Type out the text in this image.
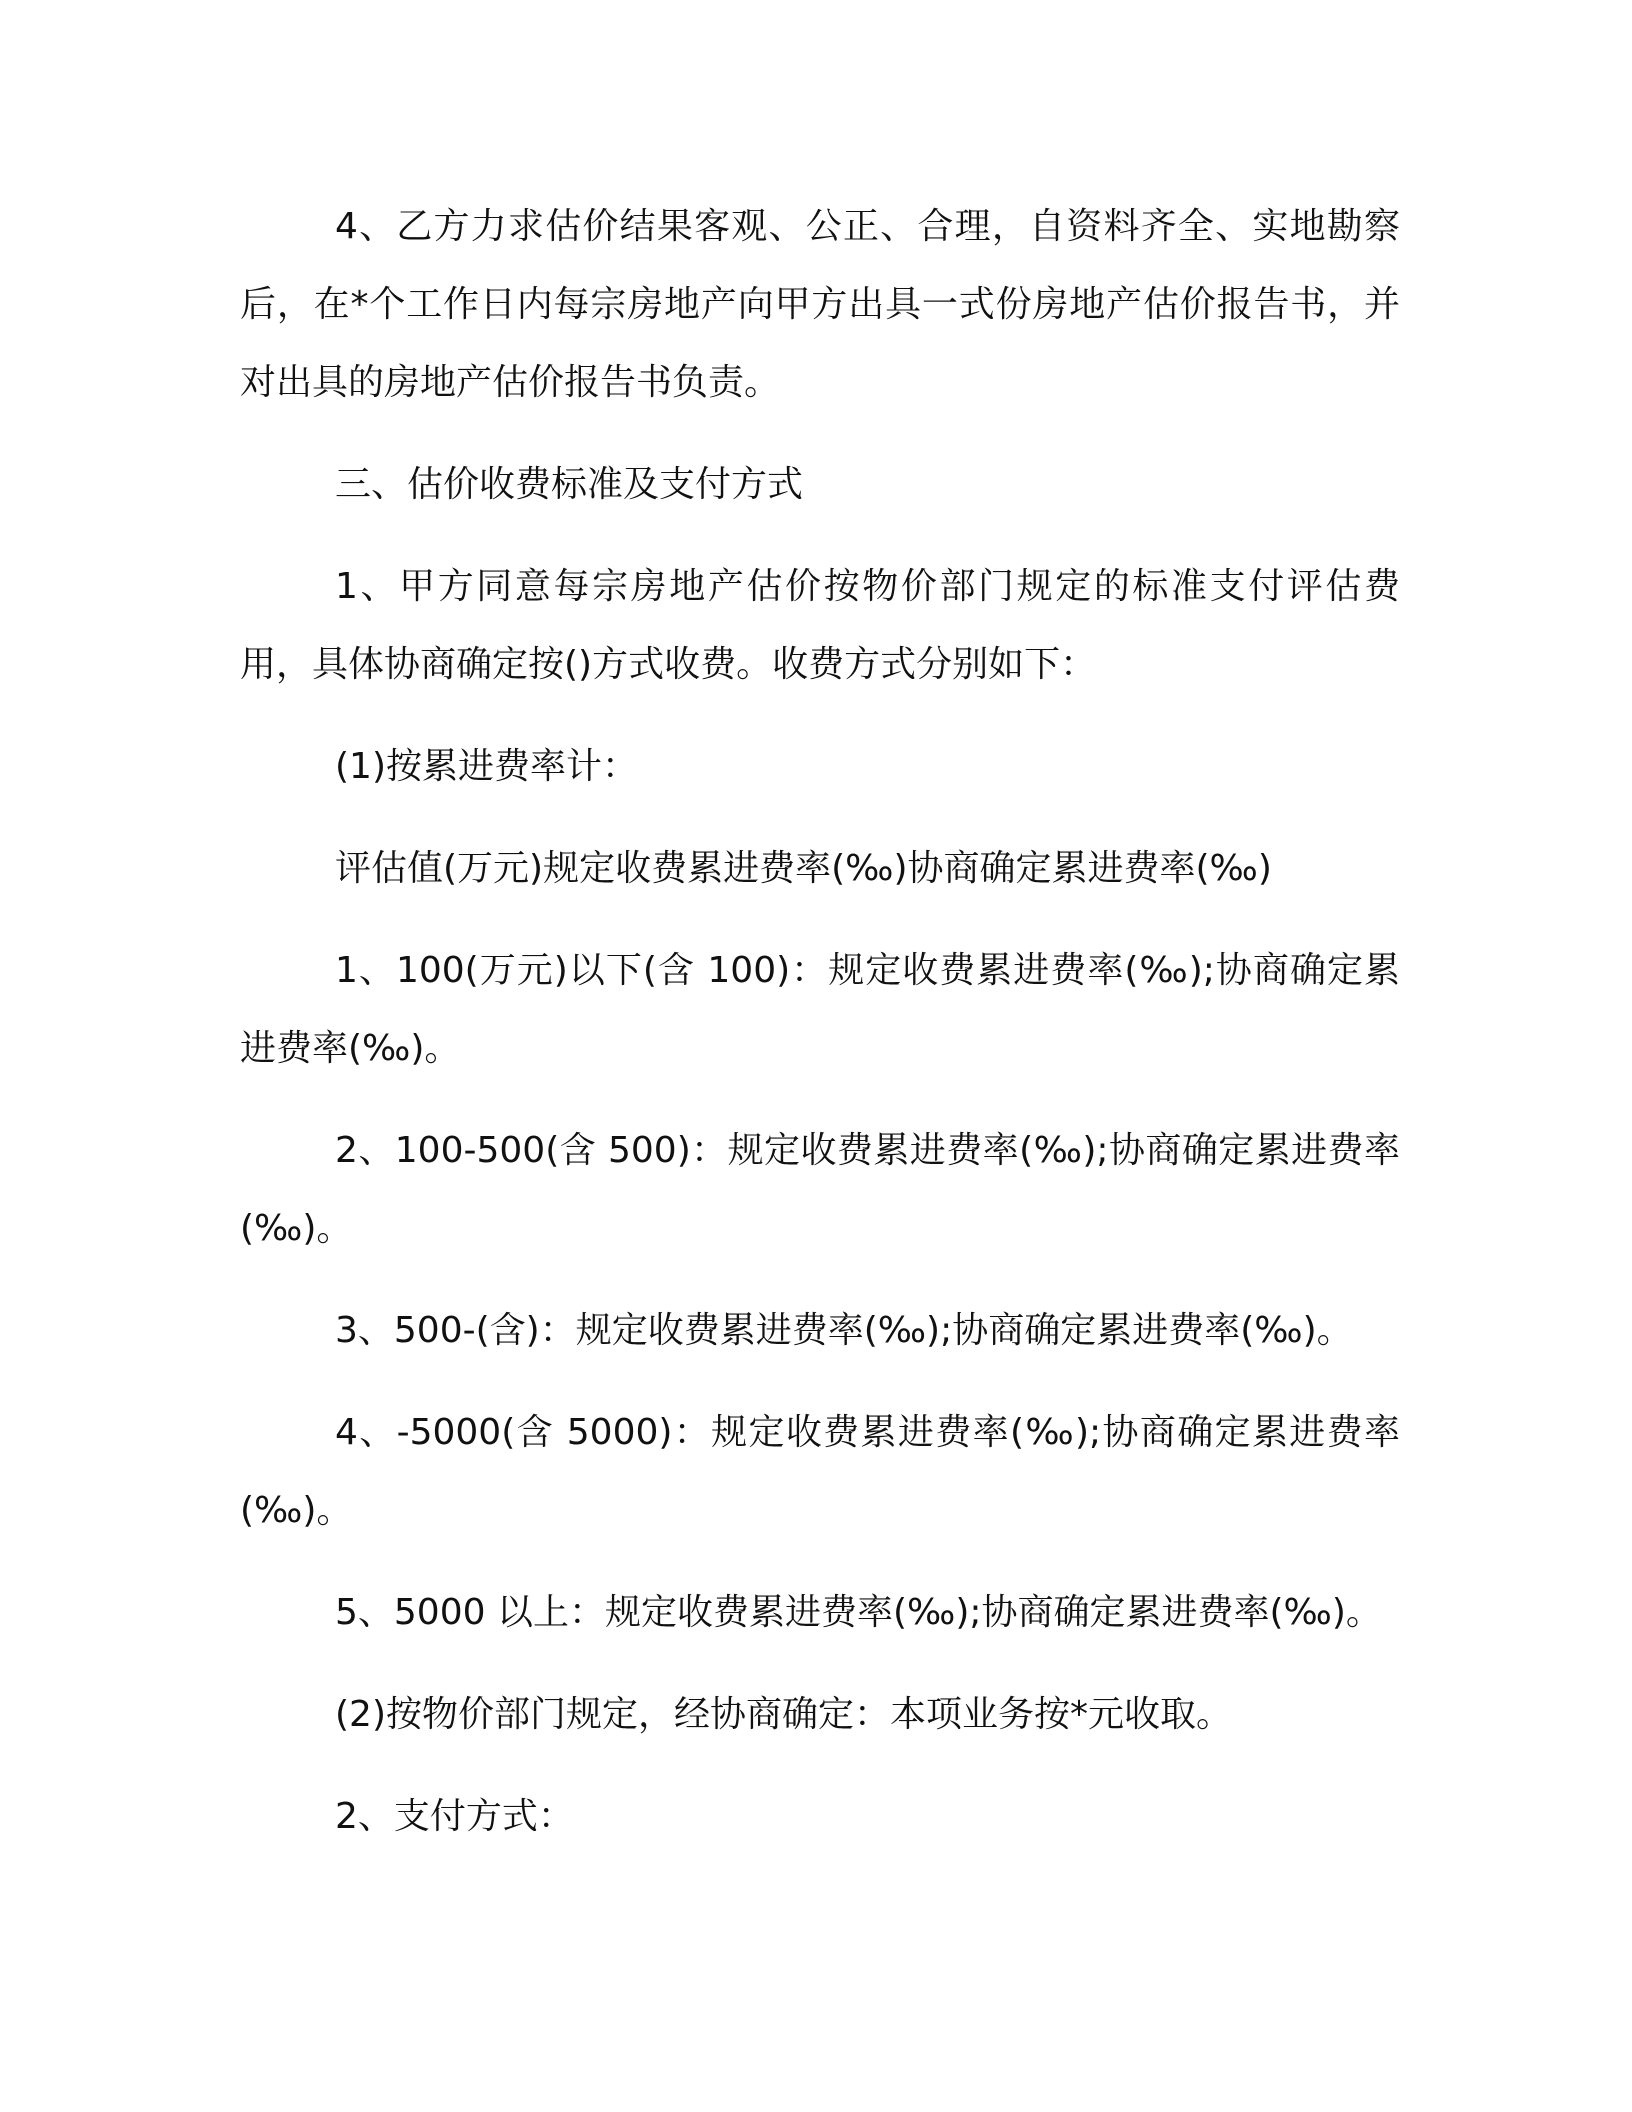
4、乙方力求估价结果客观、公正、合理，自资料齐全、实地勘察后，在*个工作日内每宗房地产向甲方出具一式份房地产估价报告书，并对出具的房地产估价报告书负责。

三、估价收费标准及支付方式

1、甲方同意每宗房地产估价按物价部门规定的标准支付评估费用，具体协商确定按()方式收费。收费方式分别如下：

(1)按累进费率计：

评估值(万元)规定收费累进费率(‰)协商确定累进费率(‰)

1、100(万元)以下(含 100)：规定收费累进费率(‰);协商确定累进费率(‰)。

2、100-500(含 500)：规定收费累进费率(‰);协商确定累进费率(‰)。

3、500-(含)：规定收费累进费率(‰);协商确定累进费率(‰)。

4、-5000(含 5000)：规定收费累进费率(‰);协商确定累进费率(‰)。

5、5000 以上：规定收费累进费率(‰);协商确定累进费率(‰)。

(2)按物价部门规定，经协商确定：本项业务按*元收取。

2、支付方式：
